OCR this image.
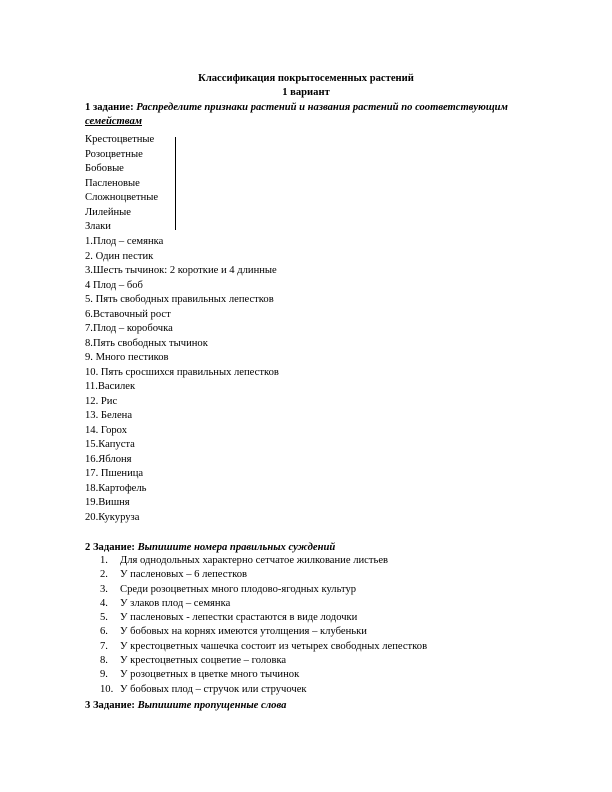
Классификация покрытосеменных растений
1 вариант
1 задание: Распределите признаки растений и названия растений по соответствующим
семействам
Крестоцветные
Розоцветные
Бобовые
Пасленовые
Сложноцветные
Лилейные
Злаки
1.Плод – семянка
2. Один пестик
3.Шесть тычинок: 2 короткие и 4 длинные
4 Плод – боб
5. Пять свободных правильных лепестков
6.Вставочный рост
7.Плод – коробочка
8.Пять свободных тычинок
9. Много пестиков
10. Пять сросшихся правильных лепестков
11.Василек
12. Рис
13. Белена
14. Горох
15.Капуста
16.Яблоня
17. Пшеница
18.Картофель
19.Вишня
20.Кукуруза
2 Задание: Выпишите номера правильных суждений
1.	Для однодольных характерно сетчатое жилкование листьев
2.	У пасленовых – 6 лепестков
3.	Среди розоцветных много плодово-ягодных культур
4.	У злаков плод – семянка
5.	У пасленовых - лепестки срастаются в виде лодочки
6.	У бобовых на корнях имеются утолщения – клубеньки
7.	У крестоцветных чашечка состоит из четырех свободных лепестков
8.	У крестоцветных соцветие – головка
9.	У розоцветных в цветке много тычинок
10. У бобовых плод – стручок или стручочек
3 Задание: Выпишите пропущенные слова
